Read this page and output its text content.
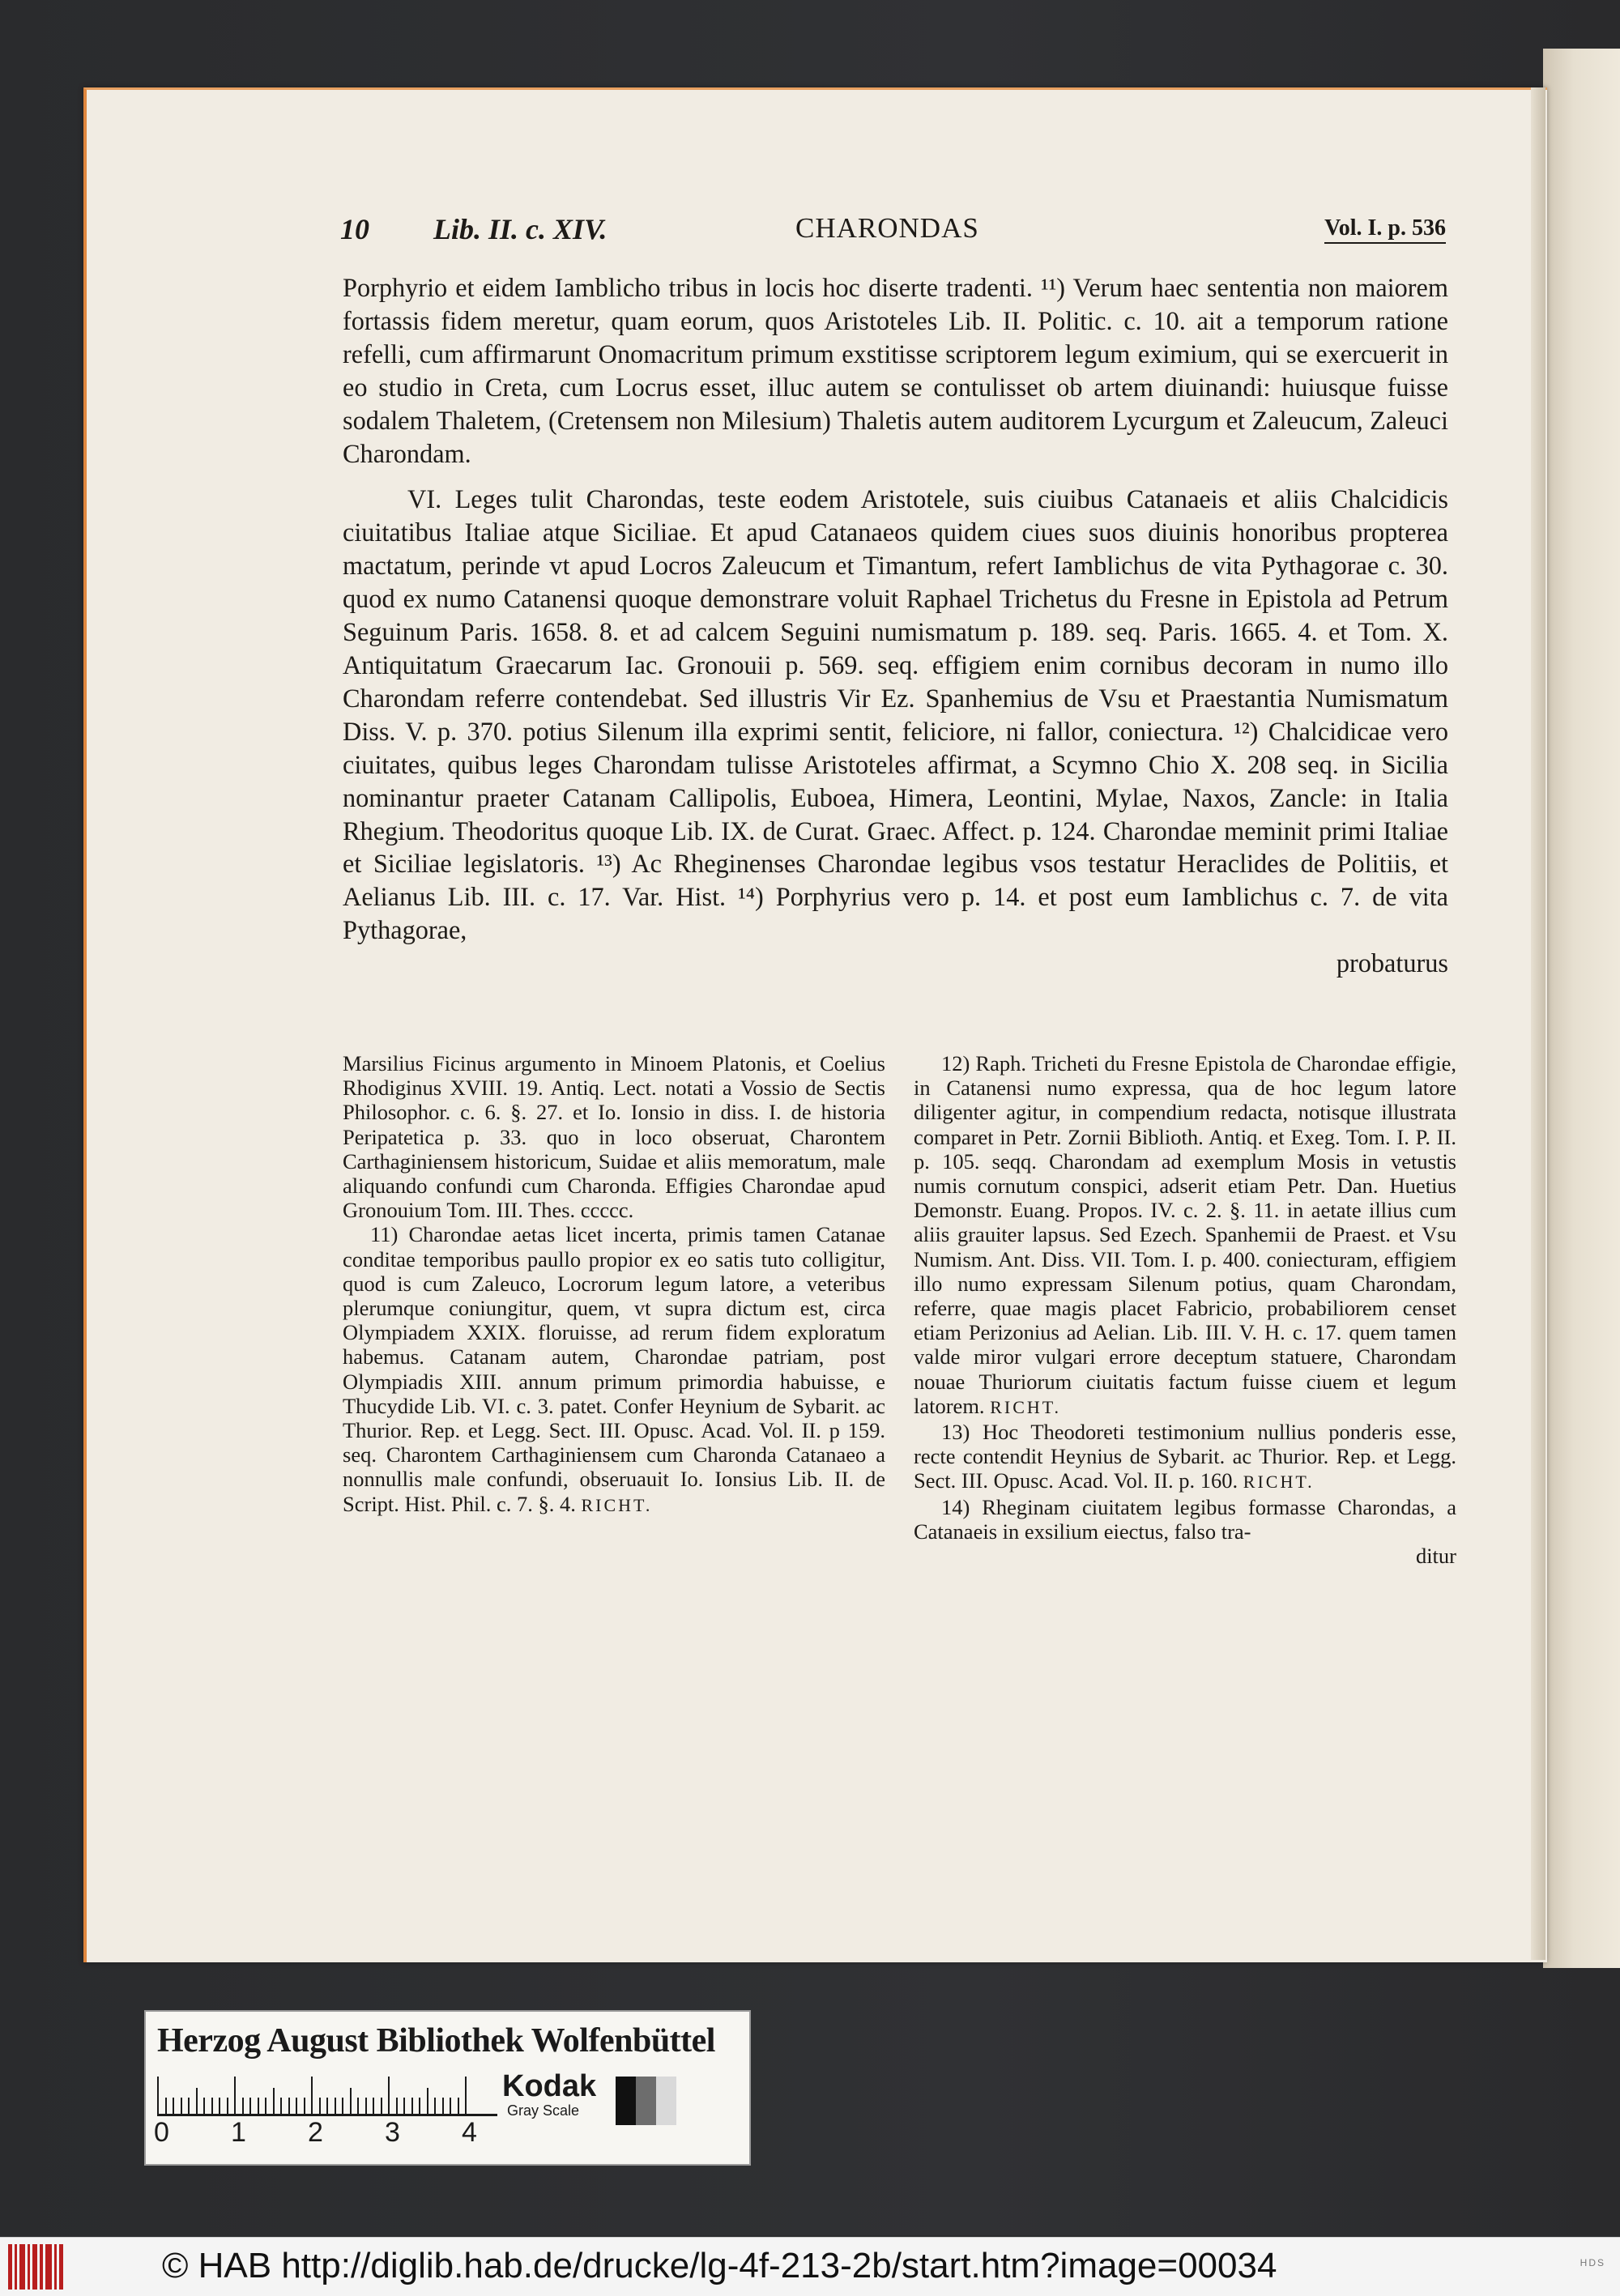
10 Lib. II. c. XIV.	CHARONDAS	Vol. I. p. 536

Porphyrio et eidem Iamblicho tribus in locis hoc diserte tradenti. ¹¹) Verum haec sententia non maiorem fortassis fidem meretur, quam eorum, quos Aristoteles Lib. II. Politic. c. 10. ait a temporum ratione refelli, cum affirmarunt Onomacritum primum exstitisse scriptorem legum eximium, qui se exercuerit in eo studio in Creta, cum Locrus esset, illuc autem se contulisset ob artem diuinandi: huiusque fuisse sodalem Thaletem, (Cretensem non Milesium) Thaletis autem auditorem Lycurgum et Zaleucum, Zaleuci Charondam.

VI. Leges tulit Charondas, teste eodem Aristotele, suis ciuibus Catanaeis et aliis Chalcidicis ciuitatibus Italiae atque Siciliae. Et apud Catanaeos quidem ciues suos diuinis honoribus propterea mactatum, perinde vt apud Locros Zaleucum et Timantum, refert Iamblichus de vita Pythagorae c. 30. quod ex numo Catanensi quoque demonstrare voluit Raphael Trichetus du Fresne in Epistola ad Petrum Seguinum Paris. 1658. 8. et ad calcem Seguini numismatum p. 189. seq. Paris. 1665. 4. et Tom. X. Antiquitatum Graecarum Iac. Gronouii p. 569. seq. effigiem enim cornibus decoram in numo illo Charondam referre contendebat. Sed illustris Vir Ez. Spanhemius de Vsu et Praestantia Numismatum Diss. V. p. 370. potius Silenum illa exprimi sentit, feliciore, ni fallor, coniectura. ¹²) Chalcidicae vero ciuitates, quibus leges Charondam tulisse Aristoteles affirmat, a Scymno Chio X. 208 seq. in Sicilia nominantur praeter Catanam Callipolis, Euboea, Himera, Leontini, Mylae, Naxos, Zancle: in Italia Rhegium. Theodoritus quoque Lib. IX. de Curat. Graec. Affect. p. 124. Charondae meminit primi Italiae et Siciliae legislatoris. ¹³) Ac Rheginenses Charondae legibus vsos testatur Heraclides de Politiis, et Aelianus Lib. III. c. 17. Var. Hist. ¹⁴) Porphyrius vero p. 14. et post eum Iamblichus c. 7. de vita Pythagorae,

probaturus

Marsilius Ficinus argumento in Minoem Platonis, et Coelius Rhodiginus XVIII. 19. Antiq. Lect. notati a Vossio de Sectis Philosophor. c. 6. §. 27. et Io. Ionsio in diss. I. de historia Peripatetica p. 33. quo in loco obseruat, Charontem Carthaginiensem historicum, Suidae et aliis memoratum, male aliquando confundi cum Charonda. Effigies Charondae apud Gronouium Tom. III. Thes. ccccc.

11) Charondae aetas licet incerta, primis tamen Catanae conditae temporibus paullo propior ex eo satis tuto colligitur, quod is cum Zaleuco, Locrorum legum latore, a veteribus plerumque coniungitur, quem, vt supra dictum est, circa Olympiadem XXIX. floruisse, ad rerum fidem exploratum habemus. Catanam autem, Charondae patriam, post Olympiadis XIII. annum primum primordia habuisse, e Thucydide Lib. VI. c. 3. patet. Confer Heynium de Sybarit. ac Thurior. Rep. et Legg. Sect. III. Opusc. Acad. Vol. II. p 159. seq. Charontem Carthaginiensem cum Charonda Catanaeo a nonnullis male confundi, obseruauit Io. Ionsius Lib. II. de Script. Hist. Phil. c. 7. §. 4. RICHT.

12) Raph. Tricheti du Fresne Epistola de Charondae effigie, in Catanensi numo expressa, qua de hoc legum latore diligenter agitur, in compendium redacta, notisque illustrata comparet in Petr. Zornii Biblioth. Antiq. et Exeg. Tom. I. P. II. p. 105. seqq. Charondam ad exemplum Mosis in vetustis numis cornutum conspici, adserit etiam Petr. Dan. Huetius Demonstr. Euang. Propos. IV. c. 2. §. 11. in aetate illius cum aliis grauiter lapsus. Sed Ezech. Spanhemii de Praest. et Vsu Numism. Ant. Diss. VII. Tom. I. p. 400. coniecturam, effigiem illo numo expressam Silenum potius, quam Charondam, referre, quae magis placet Fabricio, probabiliorem censet etiam Perizonius ad Aelian. Lib. III. V. H. c. 17. quem tamen valde miror vulgari errore deceptum statuere, Charondam nouae Thuriorum ciuitatis factum fuisse ciuem et legum latorem. RICHT.

13) Hoc Theodoreti testimonium nullius ponderis esse, recte contendit Heynius de Sybarit. ac Thurior. Rep. et Legg. Sect. III. Opusc. Acad. Vol. II. p. 160. RICHT.

14) Rheginam ciuitatem legibus formasse Charondas, a Catanaeis in exsilium eiectus, falso tra-

ditur
Herzog August Bibliothek Wolfenbüttel
0 1 2 3 4
Kodak
Gray Scale
© HAB http://diglib.hab.de/drucke/lg-4f-213-2b/start.htm?image=00034	HDS
